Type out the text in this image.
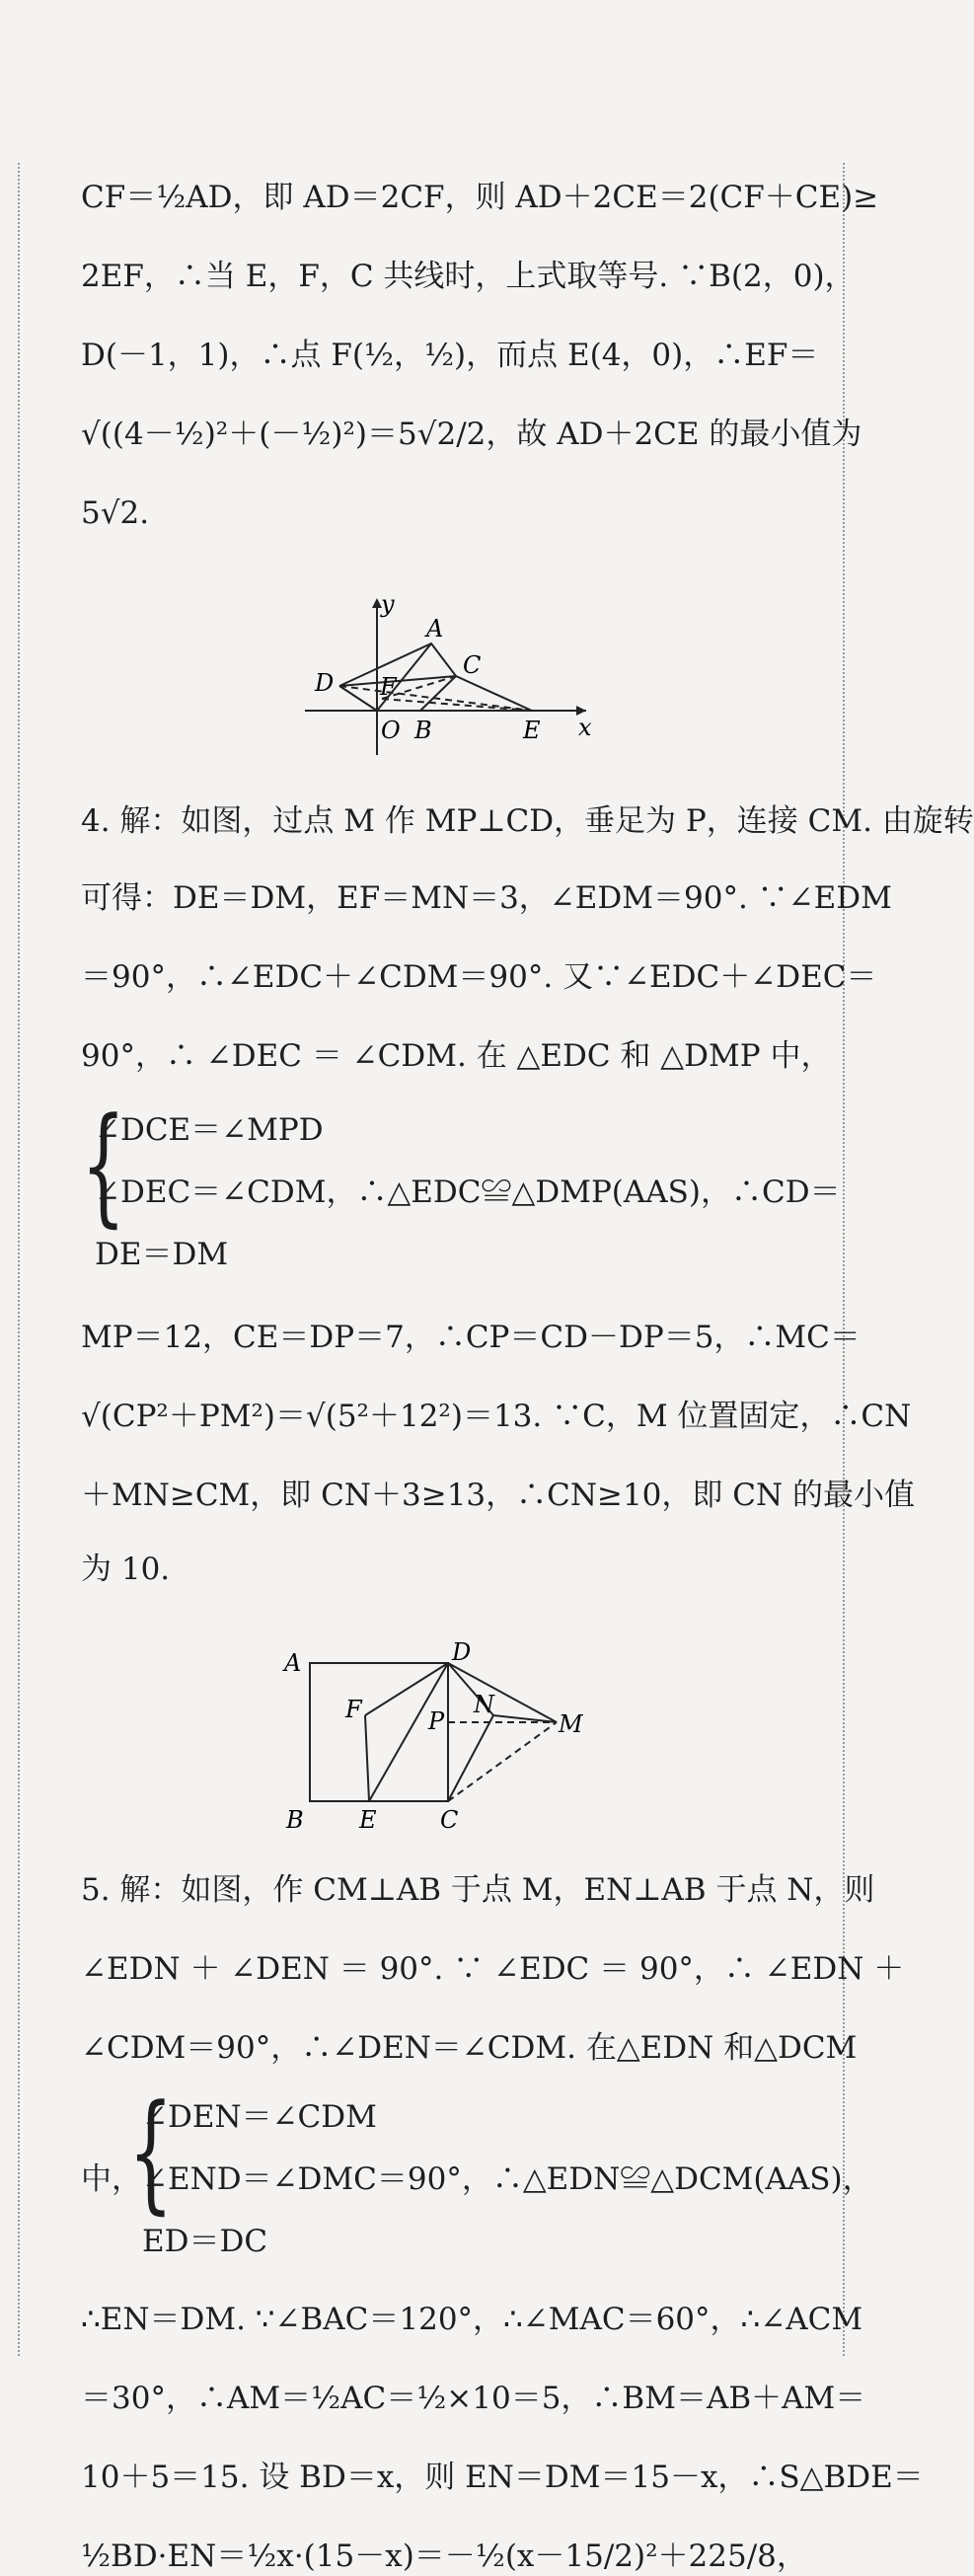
CF＝½AD，即 AD＝2CF，则 AD＋2CE＝2(CF＋CE)≥
2EF，∴当 E，F，C 共线时，上式取等号. ∵B(2，0)，
D(－1，1)，∴点 F(½，½)，而点 E(4，0)，∴EF＝
√((4－½)²＋(－½)²)＝5√2/2，故 AD＋2CE 的最小值为
5√2.
y
x
A
C
D F
O B	E
4. 解：如图，过点 M 作 MP⊥CD，垂足为 P，连接 CM. 由旋转
可得：DE＝DM，EF＝MN＝3，∠EDM＝90°. ∵∠EDM
＝90°，∴∠EDC＋∠CDM＝90°. 又∵∠EDC＋∠DEC＝
90°，∴ ∠DEC ＝ ∠CDM. 在 △EDC 和 △DMP 中，
{
∠DCE＝∠MPD
∠DEC＝∠CDM，∴△EDC≌△DMP(AAS)，∴CD＝
DE＝DM
MP＝12，CE＝DP＝7，∴CP＝CD－DP＝5，∴MC＝
√(CP²＋PM²)＝√(5²＋12²)＝13. ∵C，M 位置固定，∴CN
＋MN≥CM，即 CN＋3≥13，∴CN≥10，即 CN 的最小值
为 10.
A	D
F	P
N
M
B E	C
5. 解：如图，作 CM⊥AB 于点 M，EN⊥AB 于点 N，则
∠EDN ＋ ∠DEN ＝ 90°. ∵ ∠EDC ＝ 90°，∴ ∠EDN ＋
∠CDM＝90°，∴∠DEN＝∠CDM. 在△EDN 和△DCM
中，
{
∠DEN＝∠CDM
∠END＝∠DMC＝90°，∴△EDN≌△DCM(AAS)，
ED＝DC
∴EN＝DM. ∵∠BAC＝120°，∴∠MAC＝60°，∴∠ACM
＝30°，∴AM＝½AC＝½×10＝5，∴BM＝AB＋AM＝
10＋5＝15. 设 BD＝x，则 EN＝DM＝15－x，∴S△BDE＝
½BD·EN＝½x·(15－x)＝－½(x－15/2)²＋225/8，
